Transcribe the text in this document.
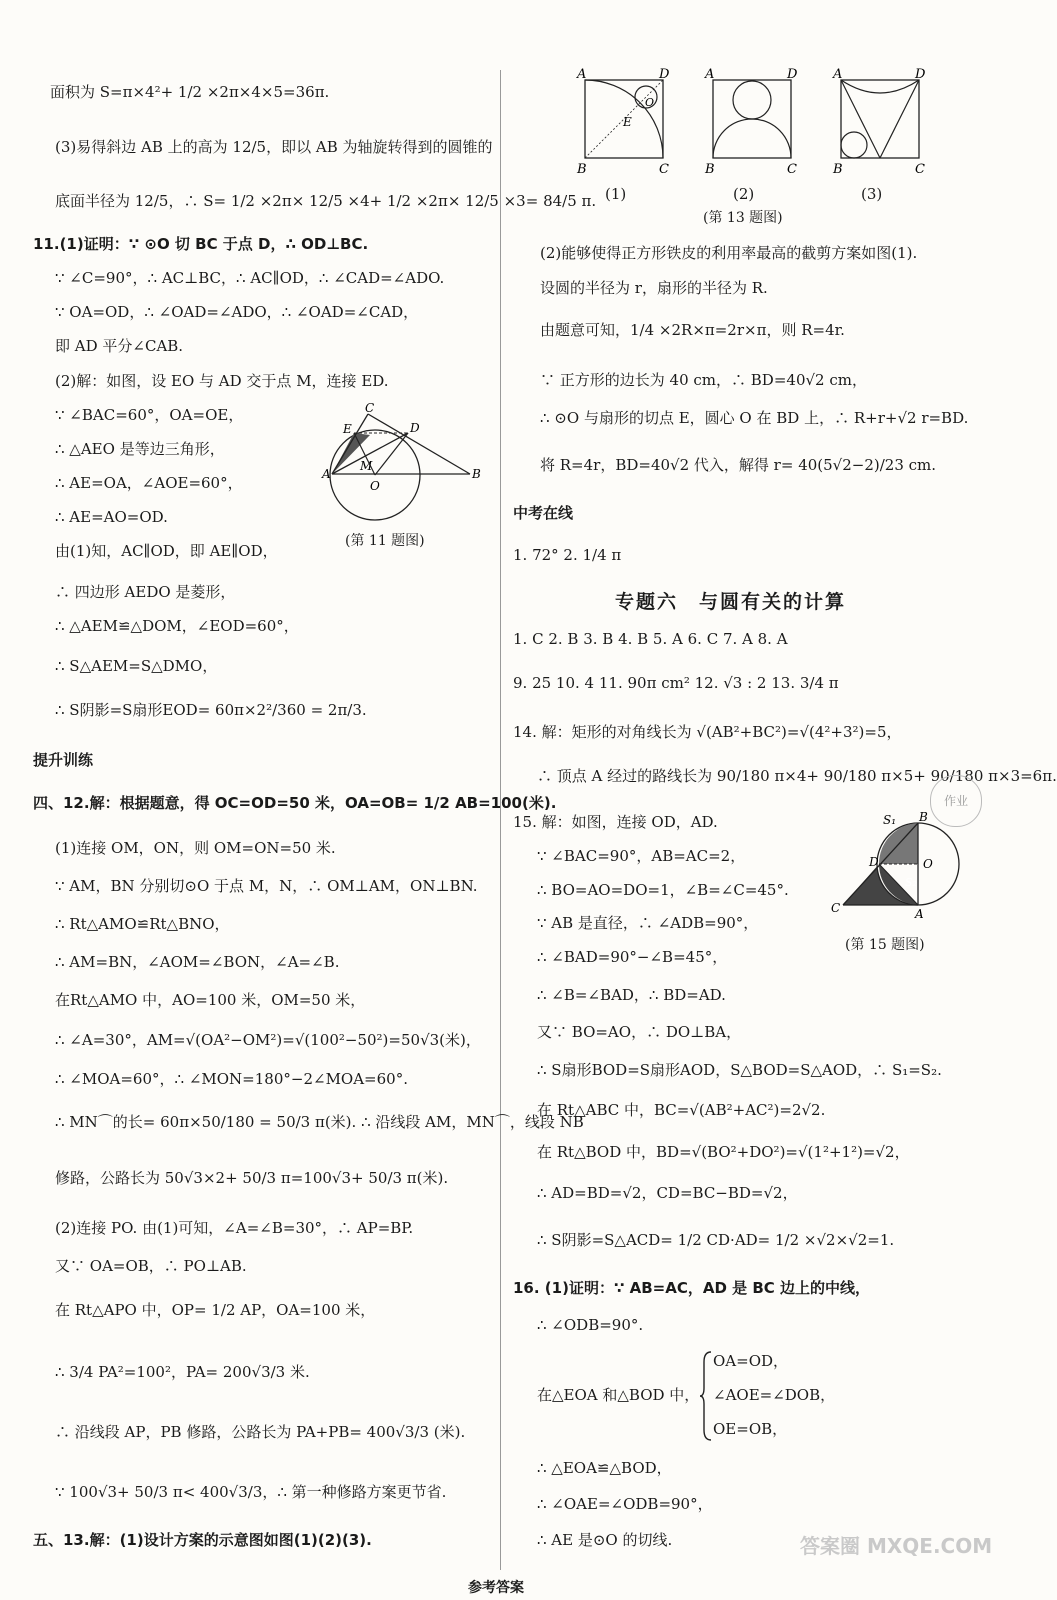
面积为 S=π×4²+ 1/2 ×2π×4×5=36π.
(3)易得斜边 AB 上的高为 12/5，即以 AB 为轴旋转得到的圆锥的
底面半径为 12/5，∴ S= 1/2 ×2π× 12/5 ×4+ 1/2 ×2π× 12/5 ×3= 84/5 π.
11.(1)证明：∵ ⊙O 切 BC 于点 D，∴ OD⊥BC.
∵ ∠C=90°，∴ AC⊥BC，∴ AC∥OD，∴ ∠CAD=∠ADO.
∵ OA=OD，∴ ∠OAD=∠ADO，∴ ∠OAD=∠CAD，
即 AD 平分∠CAB.
(2)解：如图，设 EO 与 AD 交于点 M，连接 ED.
∵ ∠BAC=60°，OA=OE，
∴ △AEO 是等边三角形，
∴ AE=OA，∠AOE=60°，
∴ AE=AO=OD.
由(1)知，AC∥OD，即 AE∥OD，
∴ 四边形 AEDO 是菱形，
∴ △AEM≌△DOM，∠EOD=60°，
∴ S△AEM=S△DMO，
∴ S阴影=S扇形EOD= 60π×2²/360 = 2π/3.
提升训练
四、12.解：根据题意，得 OC=OD=50 米，OA=OB= 1/2 AB=100(米).
(1)连接 OM，ON，则 OM=ON=50 米.
∵ AM，BN 分别切⊙O 于点 M，N，∴ OM⊥AM，ON⊥BN.
∴ Rt△AMO≌Rt△BNO，
∴ AM=BN，∠AOM=∠BON，∠A=∠B.
在Rt△AMO 中，AO=100 米，OM=50 米，
∴ ∠A=30°，AM=√(OA²−OM²)=√(100²−50²)=50√3(米)，
∴ ∠MOA=60°，∴ ∠MON=180°−2∠MOA=60°.
∴ MN⌒的长= 60π×50/180 = 50/3 π(米). ∴ 沿线段 AM，MN⌒，线段 NB
修路，公路长为 50√3×2+ 50/3 π=100√3+ 50/3 π(米).
(2)连接 PO. 由(1)可知，∠A=∠B=30°，∴ AP=BP.
又∵ OA=OB，∴ PO⊥AB.
在 Rt△APO 中，OP= 1/2 AP，OA=100 米，
∴ 3/4 PA²=100²，PA= 200√3/3 米.
∴ 沿线段 AP，PB 修路，公路长为 PA+PB= 400√3/3 (米).
∵ 100√3+ 50/3 π< 400√3/3，∴ 第一种修路方案更节省.
五、13.解：(1)设计方案的示意图如图(1)(2)(3).
C
E	D
A	B
O
M
(第 11 题图)
A	D
B	C
E
O
A	D
B	C
A	D
B	C
(1)	(2)	(3)
(第 13 题图)
(2)能够使得正方形铁皮的利用率最高的截剪方案如图(1).
设圆的半径为 r，扇形的半径为 R.
由题意可知，1/4 ×2R×π=2r×π，则 R=4r.
∵ 正方形的边长为 40 cm，∴ BD=40√2 cm，
∴ ⊙O 与扇形的切点 E，圆心 O 在 BD 上，∴ R+r+√2 r=BD.
将 R=4r，BD=40√2 代入，解得 r= 40(5√2−2)/23 cm.
中考在线
1. 72° 2. 1/4 π
专题六　与圆有关的计算
1. C 2. B 3. B 4. B 5. A 6. C 7. A 8. A
9. 25 10. 4 11. 90π cm² 12. √3 : 2 13. 3/4 π
14. 解：矩形的对角线长为 √(AB²+BC²)=√(4²+3²)=5，
∴ 顶点 A 经过的路线长为 90/180 π×4+ 90/180 π×5+ 90/180 π×3=6π.
15. 解：如图，连接 OD，AD.
∵ ∠BAC=90°，AB=AC=2，
∴ BO=AO=DO=1，∠B=∠C=45°.
∵ AB 是直径，∴ ∠ADB=90°，
∴ ∠BAD=90°−∠B=45°，
∴ ∠B=∠BAD，∴ BD=AD.
又∵ BO=AO，∴ DO⊥BA，
∴ S扇形BOD=S扇形AOD，S△BOD=S△AOD，∴ S₁=S₂.
在 Rt△ABC 中，BC=√(AB²+AC²)=2√2.
在 Rt△BOD 中，BD=√(BO²+DO²)=√(1²+1²)=√2，
∴ AD=BD=√2，CD=BC−BD=√2，
∴ S阴影=S△ACD= 1/2 CD·AD= 1/2 ×√2×√2=1.
16. (1)证明：∵ AB=AC，AD 是 BC 边上的中线，
∴ ∠ODB=90°.
OA=OD，
在△EOA 和△BOD 中， ∠AOE=∠DOB，
OE=OB，
∴ △EOA≌△BOD，
∴ ∠OAE=∠ODB=90°，
∴ AE 是⊙O 的切线.
S₁ B
D	O
S₂
C	A
(第 15 题图)
作业
答案圈 MXQE.COM
参考答案
